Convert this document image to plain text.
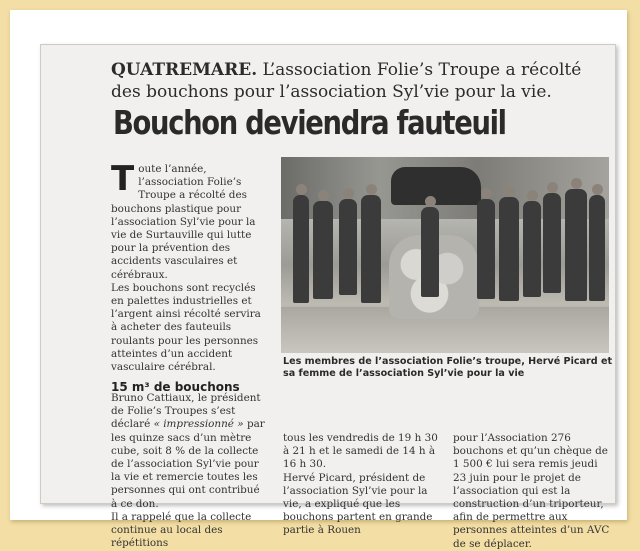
QUATREMARE. L’association Folie’s Troupe a récolté des bouchons pour l’association Syl’vie pour la vie.
Bouchon deviendra fauteuil
T oute l’année, l’association Folie’s Troupe a récolté des bouchons plastique pour l’association Syl’vie pour la vie de Surtauville qui lutte pour la prévention des accidents vasculaires et cérébraux.

Les bouchons sont recyclés en palettes industrielles et l’argent ainsi récolté servira à acheter des fauteuils roulants pour les personnes atteintes d’un accident vasculaire cérébral.

15 m³ de bouchons

Bruno Cattiaux, le président de Folie’s Troupes s’est déclaré « impressionné » par les quinze sacs d’un mètre cube, soit 8 % de la collecte de l’association Syl’vie pour la vie et remercie toutes les personnes qui ont contribué à ce don.

Il a rappelé que la collecte continue au local des répétitions

Les membres de l’association Folie’s troupe, Hervé Picard et sa femme de l’association Syl’vie pour la vie

tous les vendredis de 19 h 30 à 21 h et le samedi de 14 h à 16 h 30.

Hervé Picard, président de l’association Syl’vie pour la vie, a expliqué que les bouchons partent en grande partie à Rouen

pour l’Association 276 bouchons et qu’un chèque de 1 500 € lui sera remis jeudi 23 juin pour le projet de l’association qui est la construction d’un triporteur, afin de permettre aux personnes atteintes d’un AVC de se déplacer.
